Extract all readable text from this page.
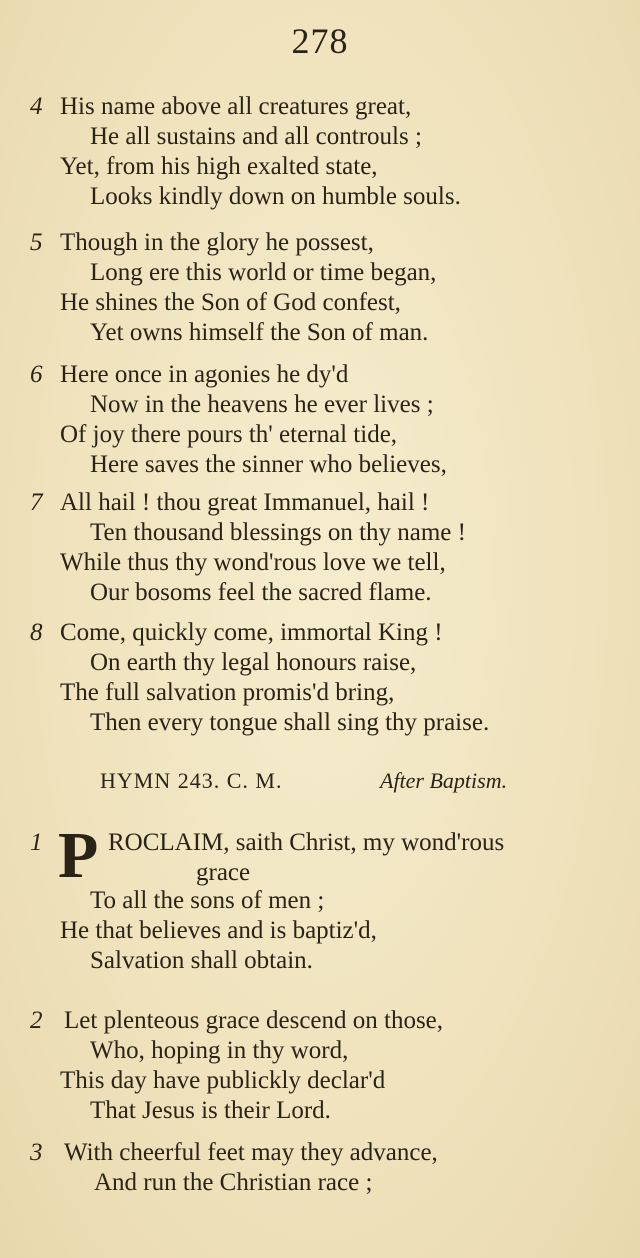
278
4 His name above all creatures great,
He all sustains and all controuls ;
Yet, from his high exalted state,
Looks kindly down on humble souls.
5 Though in the glory he possest,
Long ere this world or time began,
He shines the Son of God confest,
Yet owns himself the Son of man.
6 Here once in agonies he dy'd
Now in the heavens he ever lives ;
Of joy there pours th' eternal tide,
Here saves the sinner who believes,
7 All hail ! thou great Immanuel, hail !
Ten thousand blessings on thy name !
While thus thy wond'rous love we tell,
Our bosoms feel the sacred flame.
8 Come, quickly come, immortal King !
On earth thy legal honours raise,
The full salvation promis'd bring,
Then every tongue shall sing thy praise.
HYMN 243. C. M.	After Baptism.
1 P ROCLAIM, saith Christ, my wond'rous
grace
To all the sons of men ;
He that believes and is baptiz'd,
Salvation shall obtain.
2 Let plenteous grace descend on those,
Who, hoping in thy word,
This day have publickly declar'd
That Jesus is their Lord.
3 With cheerful feet may they advance,
And run the Christian race ;
